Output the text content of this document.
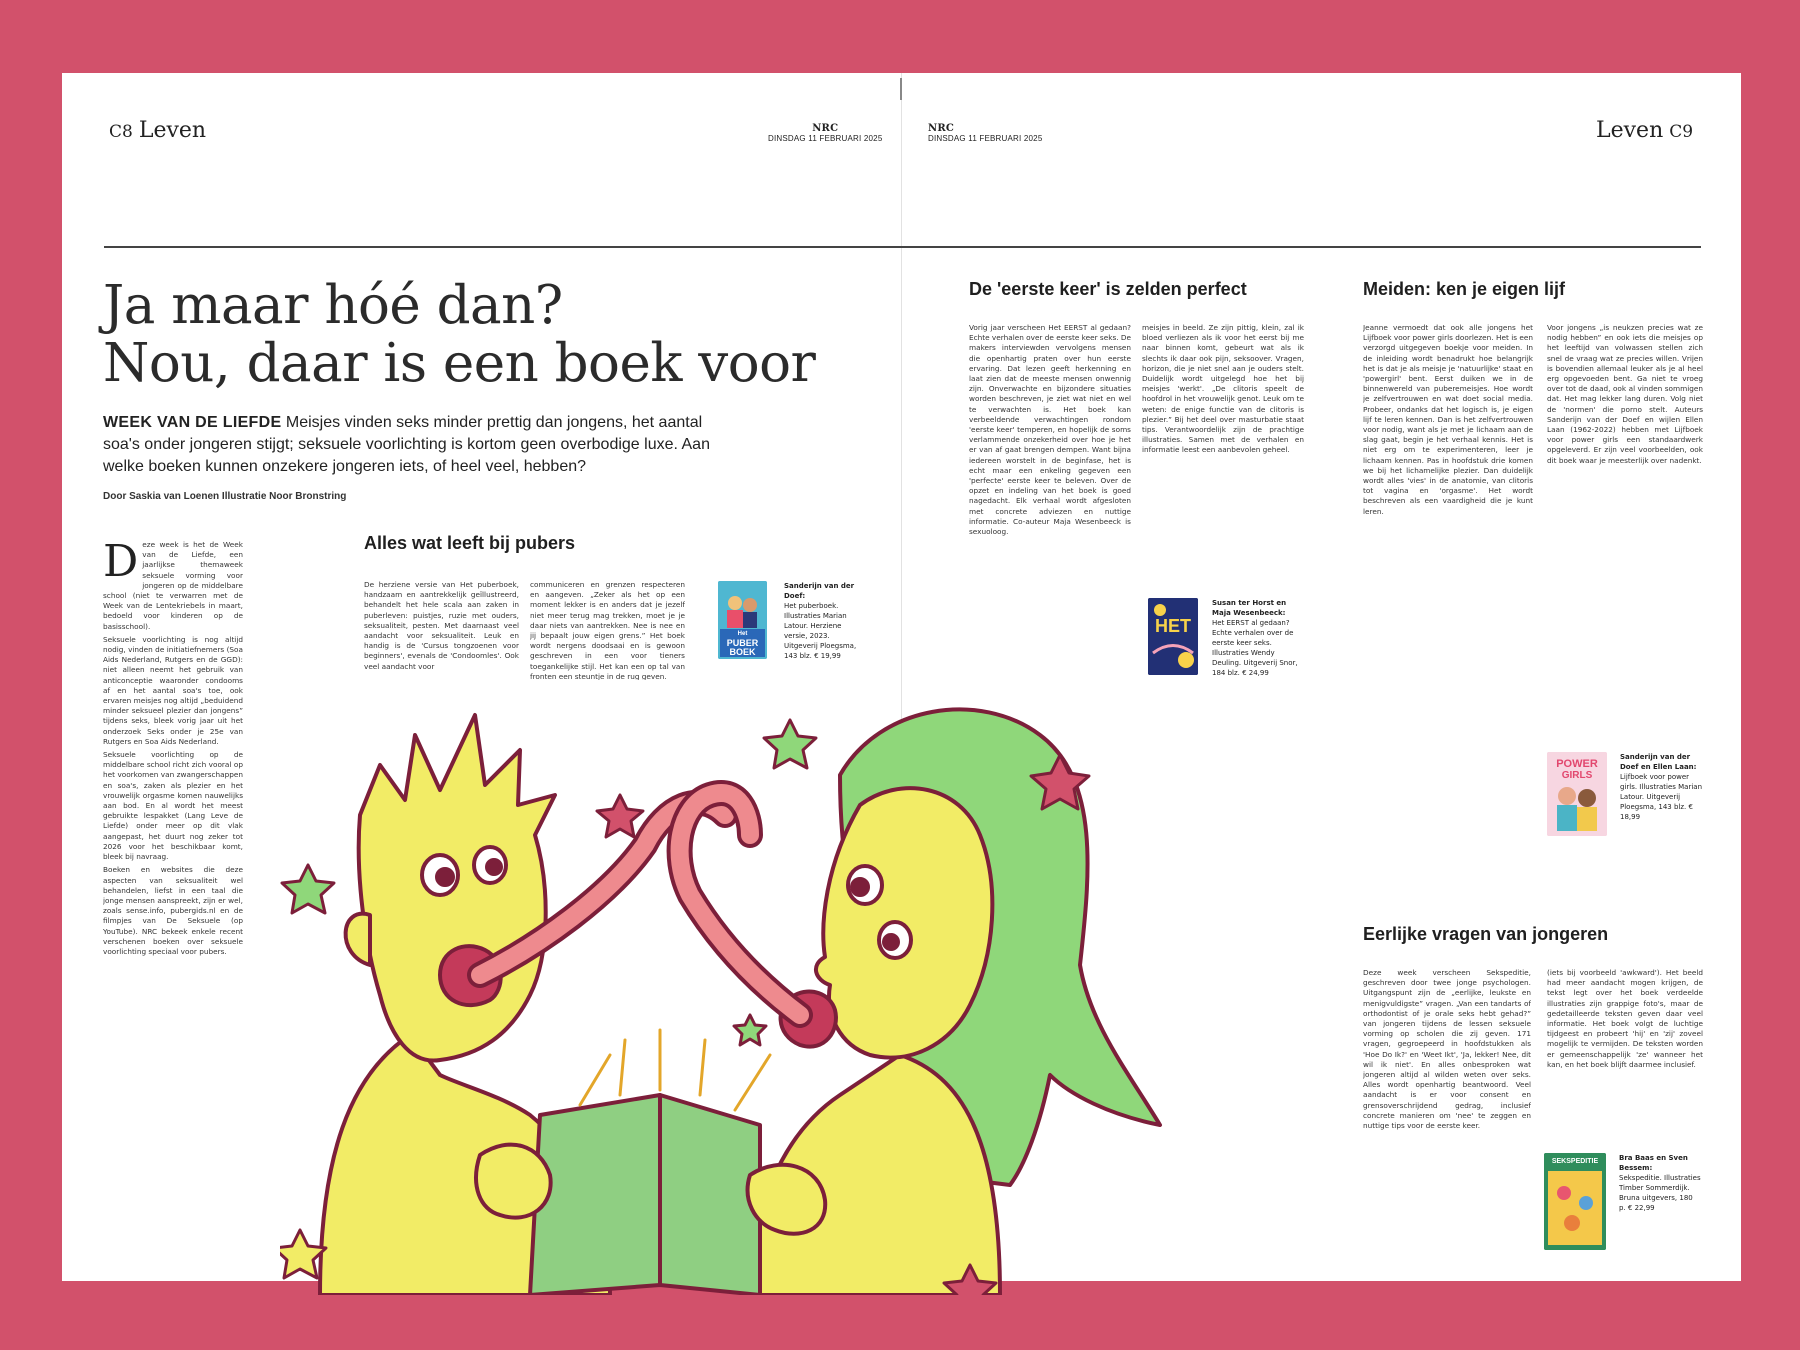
C8 Leven	Leven C9
NRC
DINSDAG 11 FEBRUARI 2025
NRC
DINSDAG 11 FEBRUARI 2025
Ja maar hóé dan?
Nou, daar is een boek voor
WEEK VAN DE LIEFDE Meisjes vinden seks minder prettig dan jongens, het aantal soa's onder jongeren stijgt; seksuele voorlichting is kortom geen overbodige luxe. Aan welke boeken kunnen onzekere jongeren iets, of heel veel, hebben?
Door Saskia van Loenen Illustratie Noor Bronstring

Deze week is het de Week van de Liefde, een jaarlijkse themaweek seksuele vorming voor jongeren op de middelbare school (niet te verwarren met de Week van de Lentekriebels in maart, bedoeld voor kinderen op de basisschool).

Seksuele voorlichting is nog altijd nodig, vinden de initiatiefnemers (Soa Aids Nederland, Rutgers en de GGD): niet alleen neemt het gebruik van anticonceptie waaronder condooms af en het aantal soa's toe, ook ervaren meisjes nog altijd „beduidend minder seksueel plezier dan jongens” tijdens seks, bleek vorig jaar uit het onderzoek Seks onder je 25e van Rutgers en Soa Aids Nederland.

Seksuele voorlichting op de middelbare school richt zich vooral op het voorkomen van zwangerschappen en soa's, zaken als plezier en het vrouwelijk orgasme komen nauwelijks aan bod. En al wordt het meest gebruikte lespakket (Lang Leve de Liefde) onder meer op dit vlak aangepast, het duurt nog zeker tot 2026 voor het beschikbaar komt, bleek bij navraag.

Boeken en websites die deze aspecten van seksualiteit wel behandelen, liefst in een taal die jonge mensen aanspreekt, zijn er wel, zoals sense.info, pubergids.nl en de filmpjes van De Seksuele (op YouTube). NRC bekeek enkele recent verschenen boeken over seksuele voorlichting speciaal voor pubers.

Alles wat leeft bij pubers
De herziene versie van Het puberboek, handzaam en aantrekkelijk geïllustreerd, behandelt het hele scala aan zaken in puberleven: puistjes, ruzie met ouders, seksualiteit, pesten. Met daarnaast veel aandacht voor seksualiteit. Leuk en handig is de 'Cursus tongzoenen voor beginners', evenals de 'Condoomles'. Ook veel aandacht voor
communiceren en grenzen respecteren en aangeven. „Zeker als het op een moment lekker is en anders dat je jezelf niet meer terug mag trekken, moet je je daar niets van aantrekken. Nee is nee en jij bepaalt jouw eigen grens.” Het boek wordt nergens doodsaai en is gewoon geschreven in een voor tieners toegankelijke stijl. Het kan een op tal van fronten een steuntje in de rug geven.
Het
PUBER
BOEK
Sanderijn van der Doef:
Het puberboek. Illustraties Marian Latour. Herziene versie, 2023. Uitgeverij Ploegsma, 143 blz. € 19,99
De 'eerste keer' is zelden perfect
Vorig jaar verscheen Het EERST al gedaan? Echte verhalen over de eerste keer seks. De makers interviewden vervolgens mensen die openhartig praten over hun eerste ervaring. Dat lezen geeft herkenning en laat zien dat de meeste mensen onwennig zijn. Onverwachte en bijzondere situaties worden beschreven, je ziet wat niet en wel te verwachten is. Het boek kan verbeeldende verwachtingen rondom 'eerste keer' temperen, en hopelijk de soms verlammende onzekerheid over hoe je het er van af gaat brengen dempen. Want bijna iedereen worstelt in de beginfase, het is echt maar een enkeling gegeven een 'perfecte' eerste keer te beleven. Over de opzet en indeling van het boek is goed nagedacht. Elk verhaal wordt afgesloten met concrete adviezen en nuttige informatie. Co-auteur Maja Wesenbeeck is sexuoloog.
meisjes in beeld. Ze zijn pittig, klein, zal ik bloed verliezen als ik voor het eerst bij me naar binnen komt, gebeurt wat als ik slechts ik daar ook pijn, seksoover. Vragen, horizon, die je niet snel aan je ouders stelt. Duidelijk wordt uitgelegd hoe het bij meisjes 'werkt'. „De clitoris speelt de hoofdrol in het vrouwelijk genot. Leuk om te weten: de enige functie van de clitoris is plezier.” Bij het deel over masturbatie staat tips. Verantwoordelijk zijn de prachtige illustraties. Samen met de verhalen en informatie leest een aanbevolen geheel.
HET
Susan ter Horst en Maja Wesenbeeck:
Het EERST al gedaan? Echte verhalen over de eerste keer seks. Illustraties Wendy Deuling. Uitgeverij Snor, 184 blz. € 24,99
Meiden: ken je eigen lijf
Jeanne vermoedt dat ook alle jongens het Lijfboek voor power girls doorlezen. Het is een verzorgd uitgegeven boekje voor meiden. In de inleiding wordt benadrukt hoe belangrijk het is dat je als meisje je 'natuurlijke' staat en 'powergirl' bent. Eerst duiken we in de binnenwereld van puberemeisjes. Hoe wordt je zelfvertrouwen en wat doet social media. Probeer, ondanks dat het logisch is, je eigen lijf te leren kennen. Dan is het zelfvertrouwen voor nodig, want als je met je lichaam aan de slag gaat, begin je het verhaal kennis. Het is niet erg om te experimenteren, leer je lichaam kennen. Pas in hoofdstuk drie komen we bij het lichamelijke plezier. Dan duidelijk wordt alles 'vies' in de anatomie, van clitoris tot vagina en 'orgasme'. Het wordt beschreven als een vaardigheid die je kunt leren.
Voor jongens „is neukzen precies wat ze nodig hebben” en ook iets die meisjes op het leeftijd van volwassen stellen zich snel de vraag wat ze precies willen. Vrijen is bovendien allemaal leuker als je al heel erg opgevoeden bent. Ga niet te vroeg over tot de daad, ook al vinden sommigen dat. Het mag lekker lang duren. Volg niet de 'normen' die porno stelt. Auteurs Sanderijn van der Doef en wijlen Ellen Laan (1962-2022) hebben met Lijfboek voor power girls een standaardwerk opgeleverd. Er zijn veel voorbeelden, ook dit boek waar je meesterlijk over nadenkt.
POWER
GIRLS
Sanderijn van der Doef en Ellen Laan:
Lijfboek voor power girls. Illustraties Marian Latour. Uitgeverij Ploegsma, 143 blz. € 18,99
Eerlijke vragen van jongeren
Deze week verscheen Sekspeditie, geschreven door twee jonge psychologen. Uitgangspunt zijn de „eerlijke, leukste en menigvuldigste” vragen. „Van een tandarts of orthodontist of je orale seks hebt gehad?” van jongeren tijdens de lessen seksuele vorming op scholen die zij geven. 171 vragen, gegroepeerd in hoofdstukken als 'Hoe Do Ik?' en 'Weet Ikt', 'Ja, lekker! Nee, dit wil ik niet'. En alles onbesproken wat jongeren altijd al wilden weten over seks. Alles wordt openhartig beantwoord. Veel aandacht is er voor consent en grensoverschrijdend gedrag, inclusief concrete manieren om 'nee' te zeggen en nuttige tips voor de eerste keer.
(iets bij voorbeeld 'awkward'). Het beeld had meer aandacht mogen krijgen, de tekst legt over het boek verdeelde illustraties zijn grappige foto's, maar de gedetailleerde teksten geven daar veel informatie. Het boek volgt de luchtige tijdgeest en probeert 'hij' en 'zij' zoveel mogelijk te vermijden. De teksten worden er gemeenschappelijk 'ze' wanneer het kan, en het boek blijft daarmee inclusief.
SEKSPEDITIE	Bra Baas en Sven Bessem:
Sekspeditie. Illustraties Timber Sommerdijk. Bruna uitgevers, 180 p. € 22,99
